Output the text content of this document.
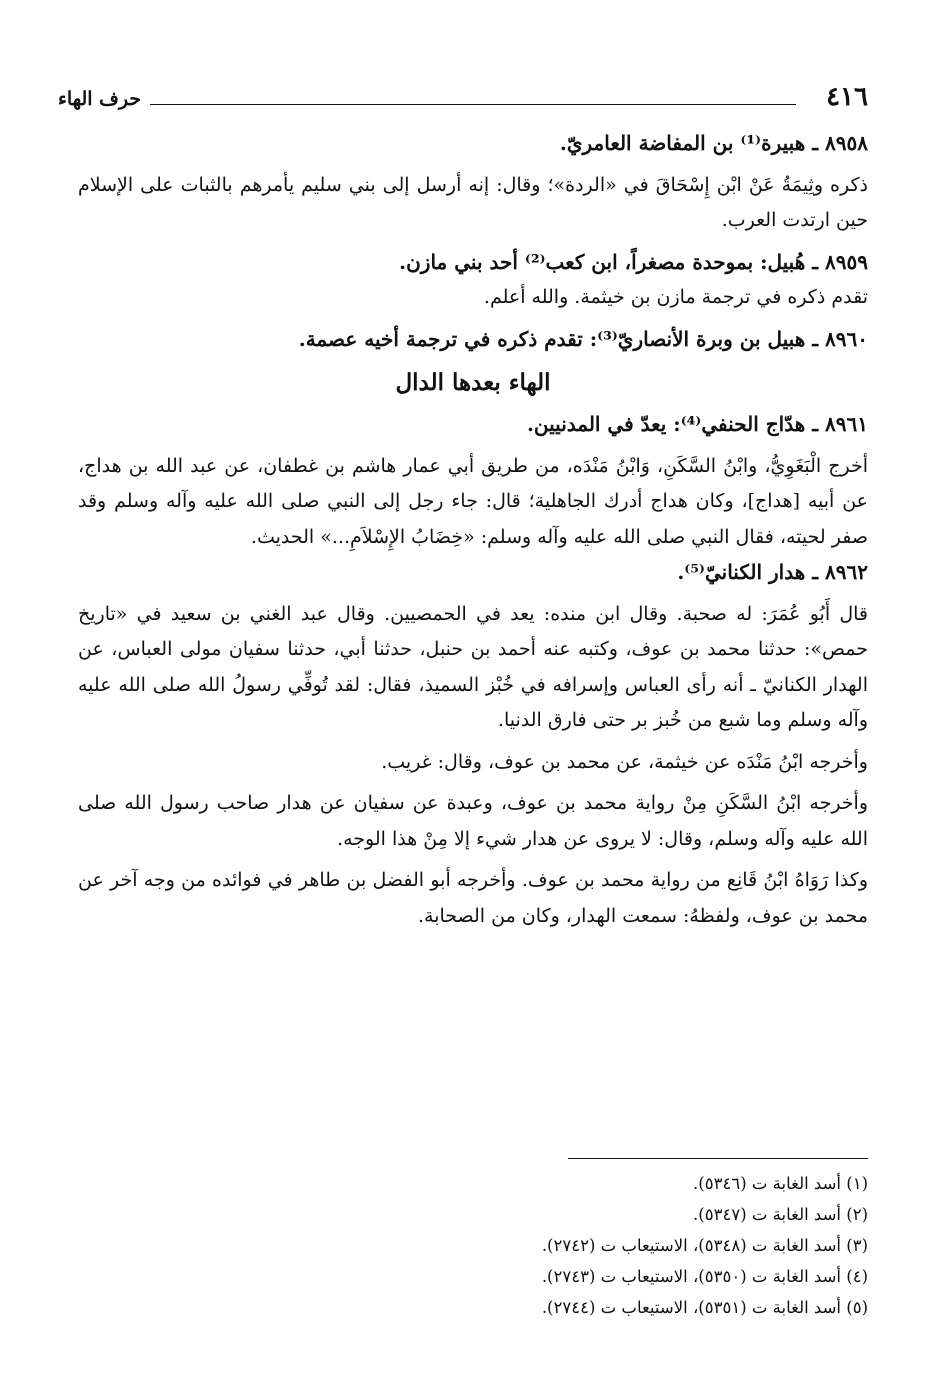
٤١٦
حرف الهاء

٨٩٥٨ ـ هبيرة⁽¹⁾ بن المفاضة العامريّ.

ذكره وثِيمَةُ عَنْ ابْن إِسْحَاقَ في «الردة»؛ وقال: إنه أرسل إلى بني سليم يأمرهم بالثبات على الإسلام حين ارتدت العرب.

٨٩٥٩ ـ هُبيل: بموحدة مصغراً، ابن كعب⁽²⁾ أحد بني مازن.

تقدم ذكره في ترجمة مازن بن خيثمة. والله أعلم.

٨٩٦٠ ـ هبيل بن وبرة الأنصاريّ⁽³⁾: تقدم ذكره في ترجمة أخيه عصمة.

الهاء بعدها الدال

٨٩٦١ ـ هدّاج الحنفي⁽⁴⁾: يعدّ في المدنيين.

أخرج الْبَغَوِيُّ، وابْنُ السَّكَنِ، وَابْنُ مَنْدَه، من طريق أبي عمار هاشم بن غطفان، عن عبد الله بن هداج، عن أبيه [هداج]، وكان هداج أدرك الجاهلية؛ قال: جاء رجل إلى النبي صلى الله عليه وآله وسلم وقد صفر لحيته، فقال النبي صلى الله عليه وآله وسلم: «خِضَابُ الإِسْلاَمِ...» الحديث.

٨٩٦٢ ـ هدار الكنانيّ⁽⁵⁾.

قال أَبُو عُمَرَ: له صحبة. وقال ابن منده: يعد في الحمصيين. وقال عبد الغني بن سعيد في «تاريخ حمص»: حدثنا محمد بن عوف، وكتبه عنه أحمد بن حنبل، حدثنا أبي، حدثنا سفيان مولى العباس، عن الهدار الكنانيّ ـ أنه رأى العباس وإسرافه في خُبْز السميذ، فقال: لقد تُوفِّي رسولُ الله صلى الله عليه وآله وسلم وما شبع من خُبز بر حتى فارق الدنيا.

وأخرجه ابْنُ مَنْدَه عن خيثمة، عن محمد بن عوف، وقال: غريب.

وأخرجه ابْنُ السَّكَنِ مِنْ رواية محمد بن عوف، وعبدة عن سفيان عن هدار صاحب رسول الله صلى الله عليه وآله وسلم، وقال: لا يروى عن هدار شيء إلا مِنْ هذا الوجه.

وكذا رَوَاهُ ابْنُ قَانِع من رواية محمد بن عوف. وأخرجه أبو الفضل بن طاهر في فوائده من وجه آخر عن محمد بن عوف، ولفظهُ: سمعت الهدار، وكان من الصحابة.

(١) أسد الغابة ت (٥٣٤٦).
(٢) أسد الغابة ت (٥٣٤٧).
(٣) أسد الغابة ت (٥٣٤٨)، الاستيعاب ت (٢٧٤٢).
(٤) أسد الغابة ت (٥٣٥٠)، الاستيعاب ت (٢٧٤٣).
(٥) أسد الغابة ت (٥٣٥١)، الاستيعاب ت (٢٧٤٤).
